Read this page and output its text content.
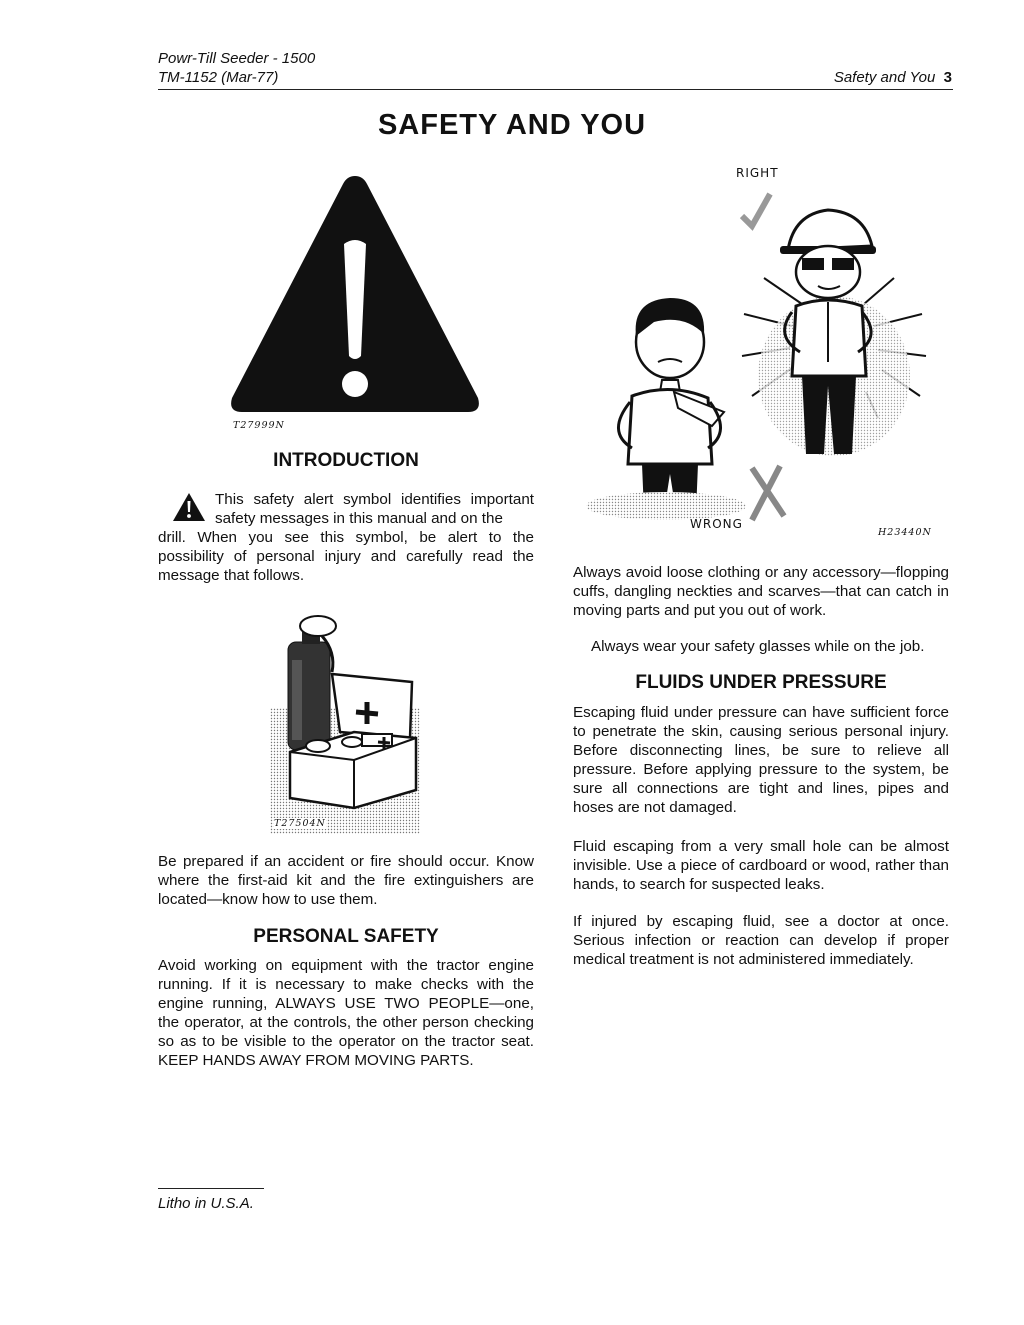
Powr-Till Seeder - 1500
TM-1152 (Mar-77)	Safety and You 3
SAFETY AND YOU
T27999N
INTRODUCTION
This safety alert symbol identifies important safety messages in this manual and on the
drill. When you see this symbol, be alert to the possibility of personal injury and carefully read the message that follows.
T27504N
Be prepared if an accident or fire should occur. Know where the first-aid kit and the fire extinguishers are located—know how to use them.
PERSONAL SAFETY
Avoid working on equipment with the tractor engine running. If it is necessary to make checks with the engine running, ALWAYS USE TWO PEOPLE—one, the operator, at the controls, the other person checking so as to be visible to the operator on the tractor seat. KEEP HANDS AWAY FROM MOVING PARTS.
RIGHT
WRONG
H23440N
Always avoid loose clothing or any accessory—flopping cuffs, dangling neckties and scarves—that can catch in moving parts and put you out of work.
Always wear your safety glasses while on the job.
FLUIDS UNDER PRESSURE
Escaping fluid under pressure can have sufficient force to penetrate the skin, causing serious personal injury. Before disconnecting lines, be sure to relieve all pressure. Before applying pressure to the system, be sure all connections are tight and lines, pipes and hoses are not damaged.
Fluid escaping from a very small hole can be almost invisible. Use a piece of cardboard or wood, rather than hands, to search for suspected leaks.
If injured by escaping fluid, see a doctor at once. Serious infection or reaction can develop if proper medical treatment is not administered immediately.
Litho in U.S.A.
